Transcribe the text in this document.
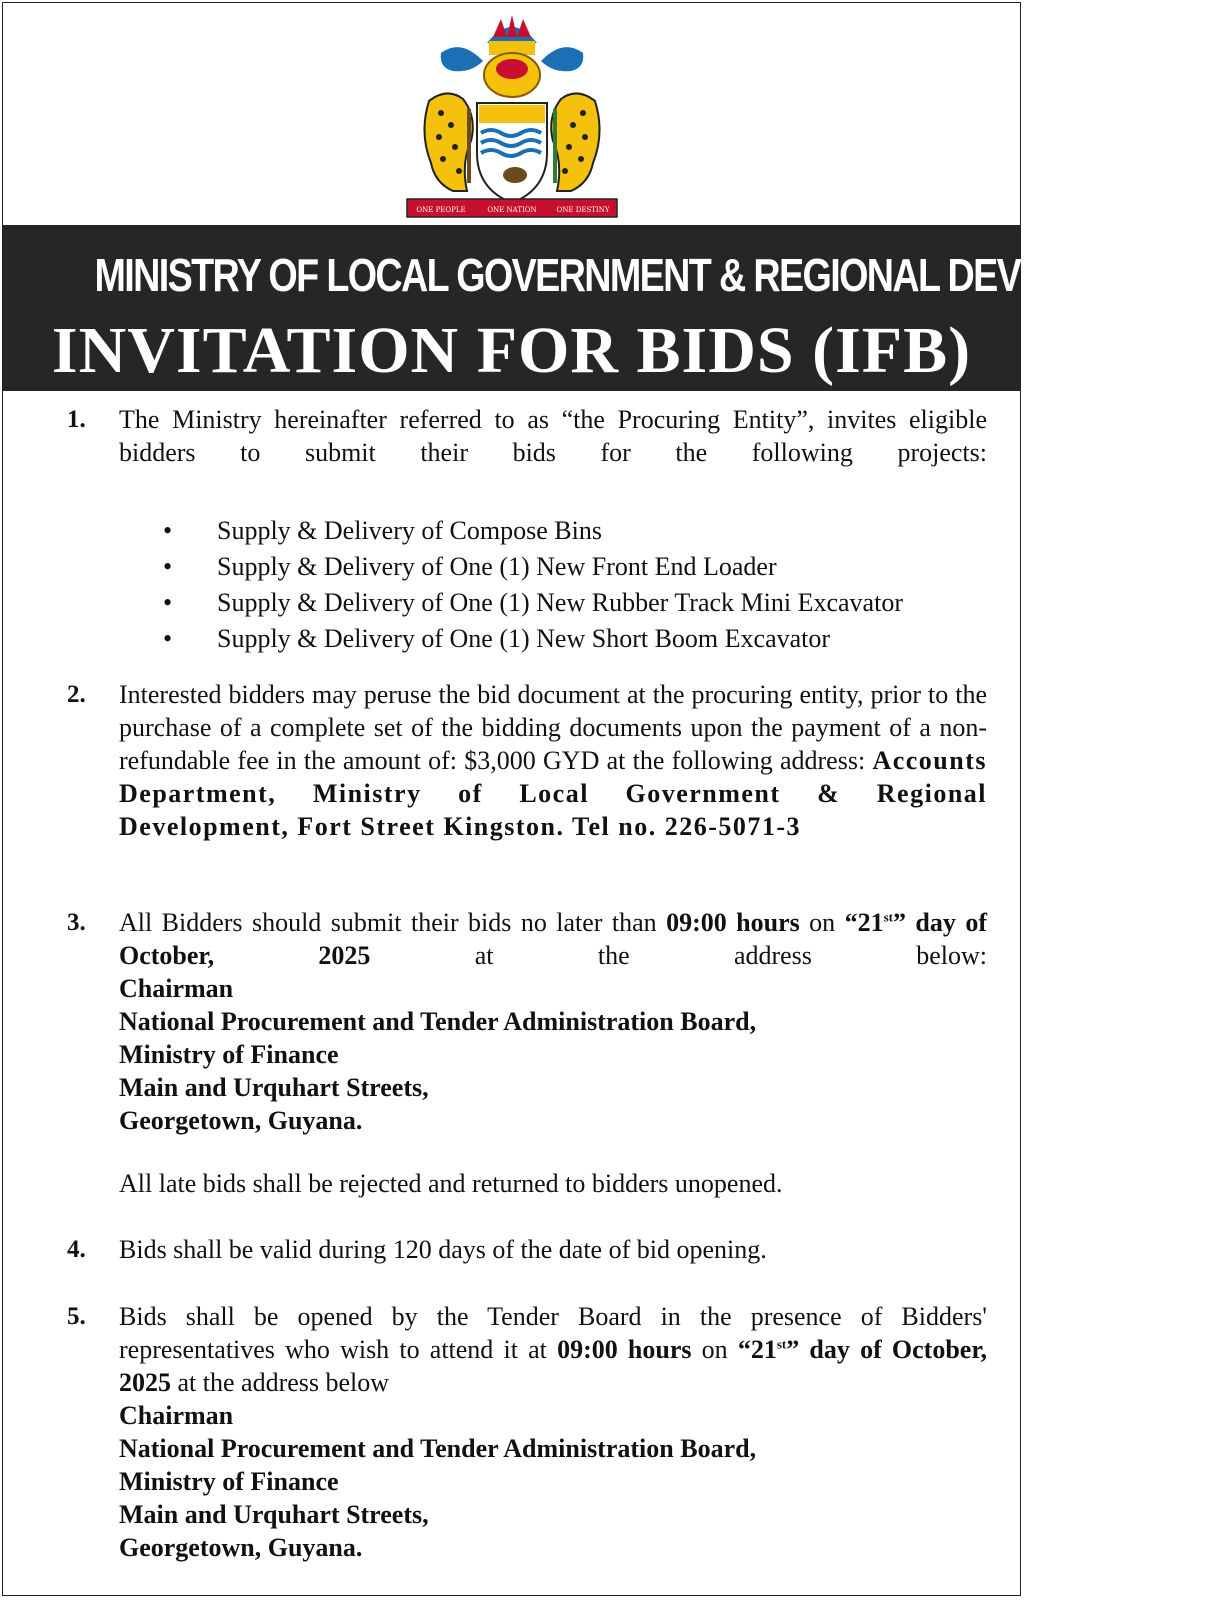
ONE PEOPLE	ONE NATION	ONE DESTINY
MINISTRY OF LOCAL GOVERNMENT & REGIONAL DEVELOPMENT
INVITATION FOR BIDS (IFB)
1. The Ministry hereinafter referred to as “the Procuring Entity”, invites eligible bidders to submit their bids for the following projects:
• Supply & Delivery of Compose Bins
• Supply & Delivery of One (1) New Front End Loader
• Supply & Delivery of One (1) New Rubber Track Mini Excavator
• Supply & Delivery of One (1) New Short Boom Excavator
2. Interested bidders may peruse the bid document at the procuring entity, prior to the purchase of a complete set of the bidding documents upon the payment of a non-refundable fee in the amount of: $3,000 GYD at the following address: Accounts Department, Ministry of Local Government & Regional Development, Fort Street Kingston. Tel no. 226-5071-3
3. All Bidders should submit their bids no later than 09:00 hours on “21st” day of October, 2025 at the address below:
Chairman
National Procurement and Tender Administration Board,
Ministry of Finance
Main and Urquhart Streets,
Georgetown, Guyana.
All late bids shall be rejected and returned to bidders unopened.
4. Bids shall be valid during 120 days of the date of bid opening.
5. Bids shall be opened by the Tender Board in the presence of Bidders' representatives who wish to attend it at 09:00 hours on “21st” day of October, 2025 at the address below
Chairman
National Procurement and Tender Administration Board,
Ministry of Finance
Main and Urquhart Streets,
Georgetown, Guyana.
